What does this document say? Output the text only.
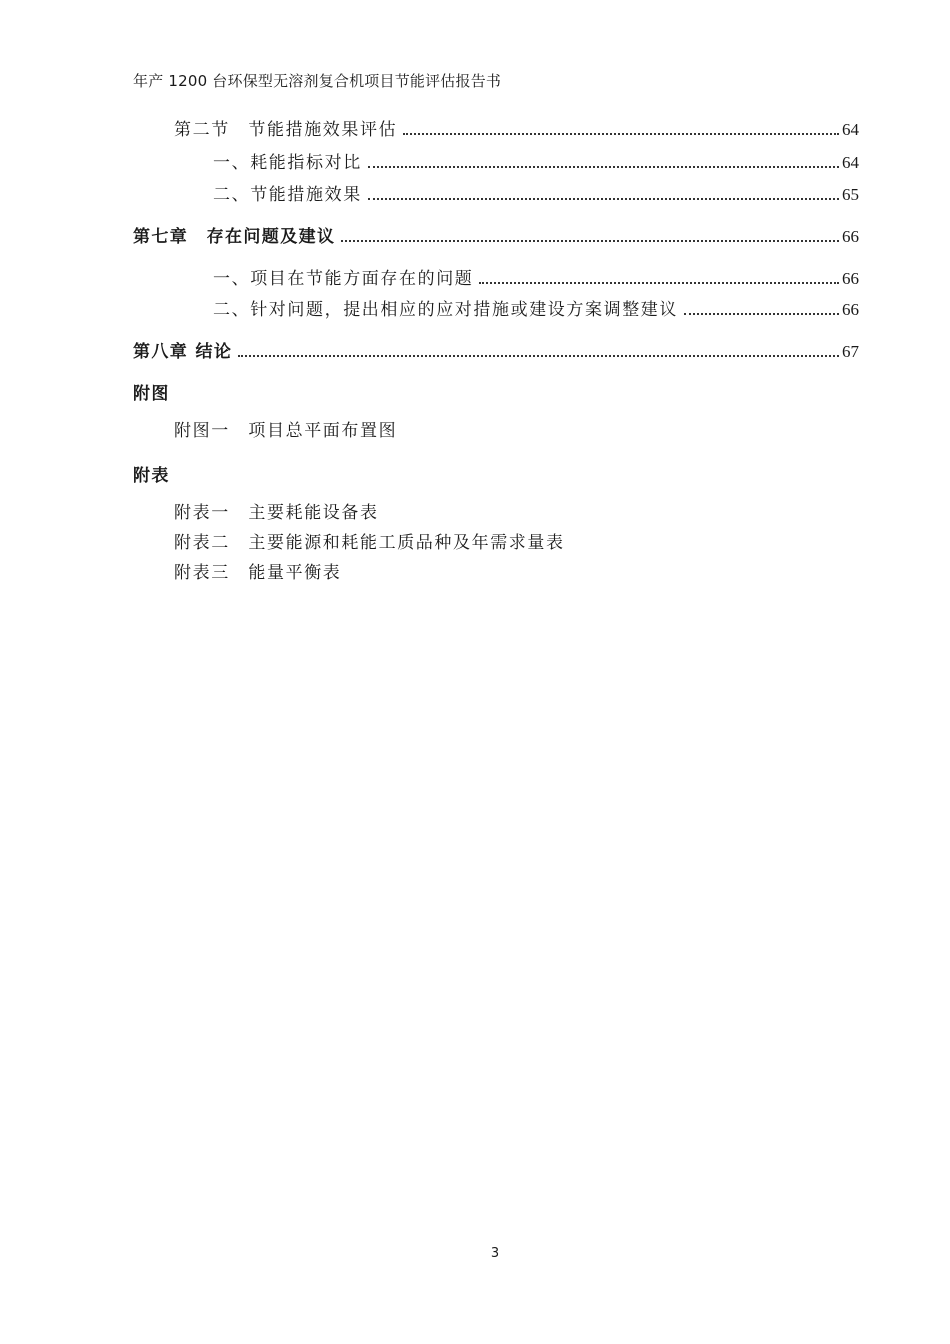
年产 1200 台环保型无溶剂复合机项目节能评估报告书
第二节　节能措施效果评估	64
一、耗能指标对比	64
二、节能措施效果	65
第七章　存在问题及建议	66
一、项目在节能方面存在的问题	66
二、针对问题，提出相应的应对措施或建设方案调整建议	66
第八章 结论	67
附图
附图一　项目总平面布置图
附表
附表一　主要耗能设备表
附表二　主要能源和耗能工质品种及年需求量表
附表三　能量平衡表
3
